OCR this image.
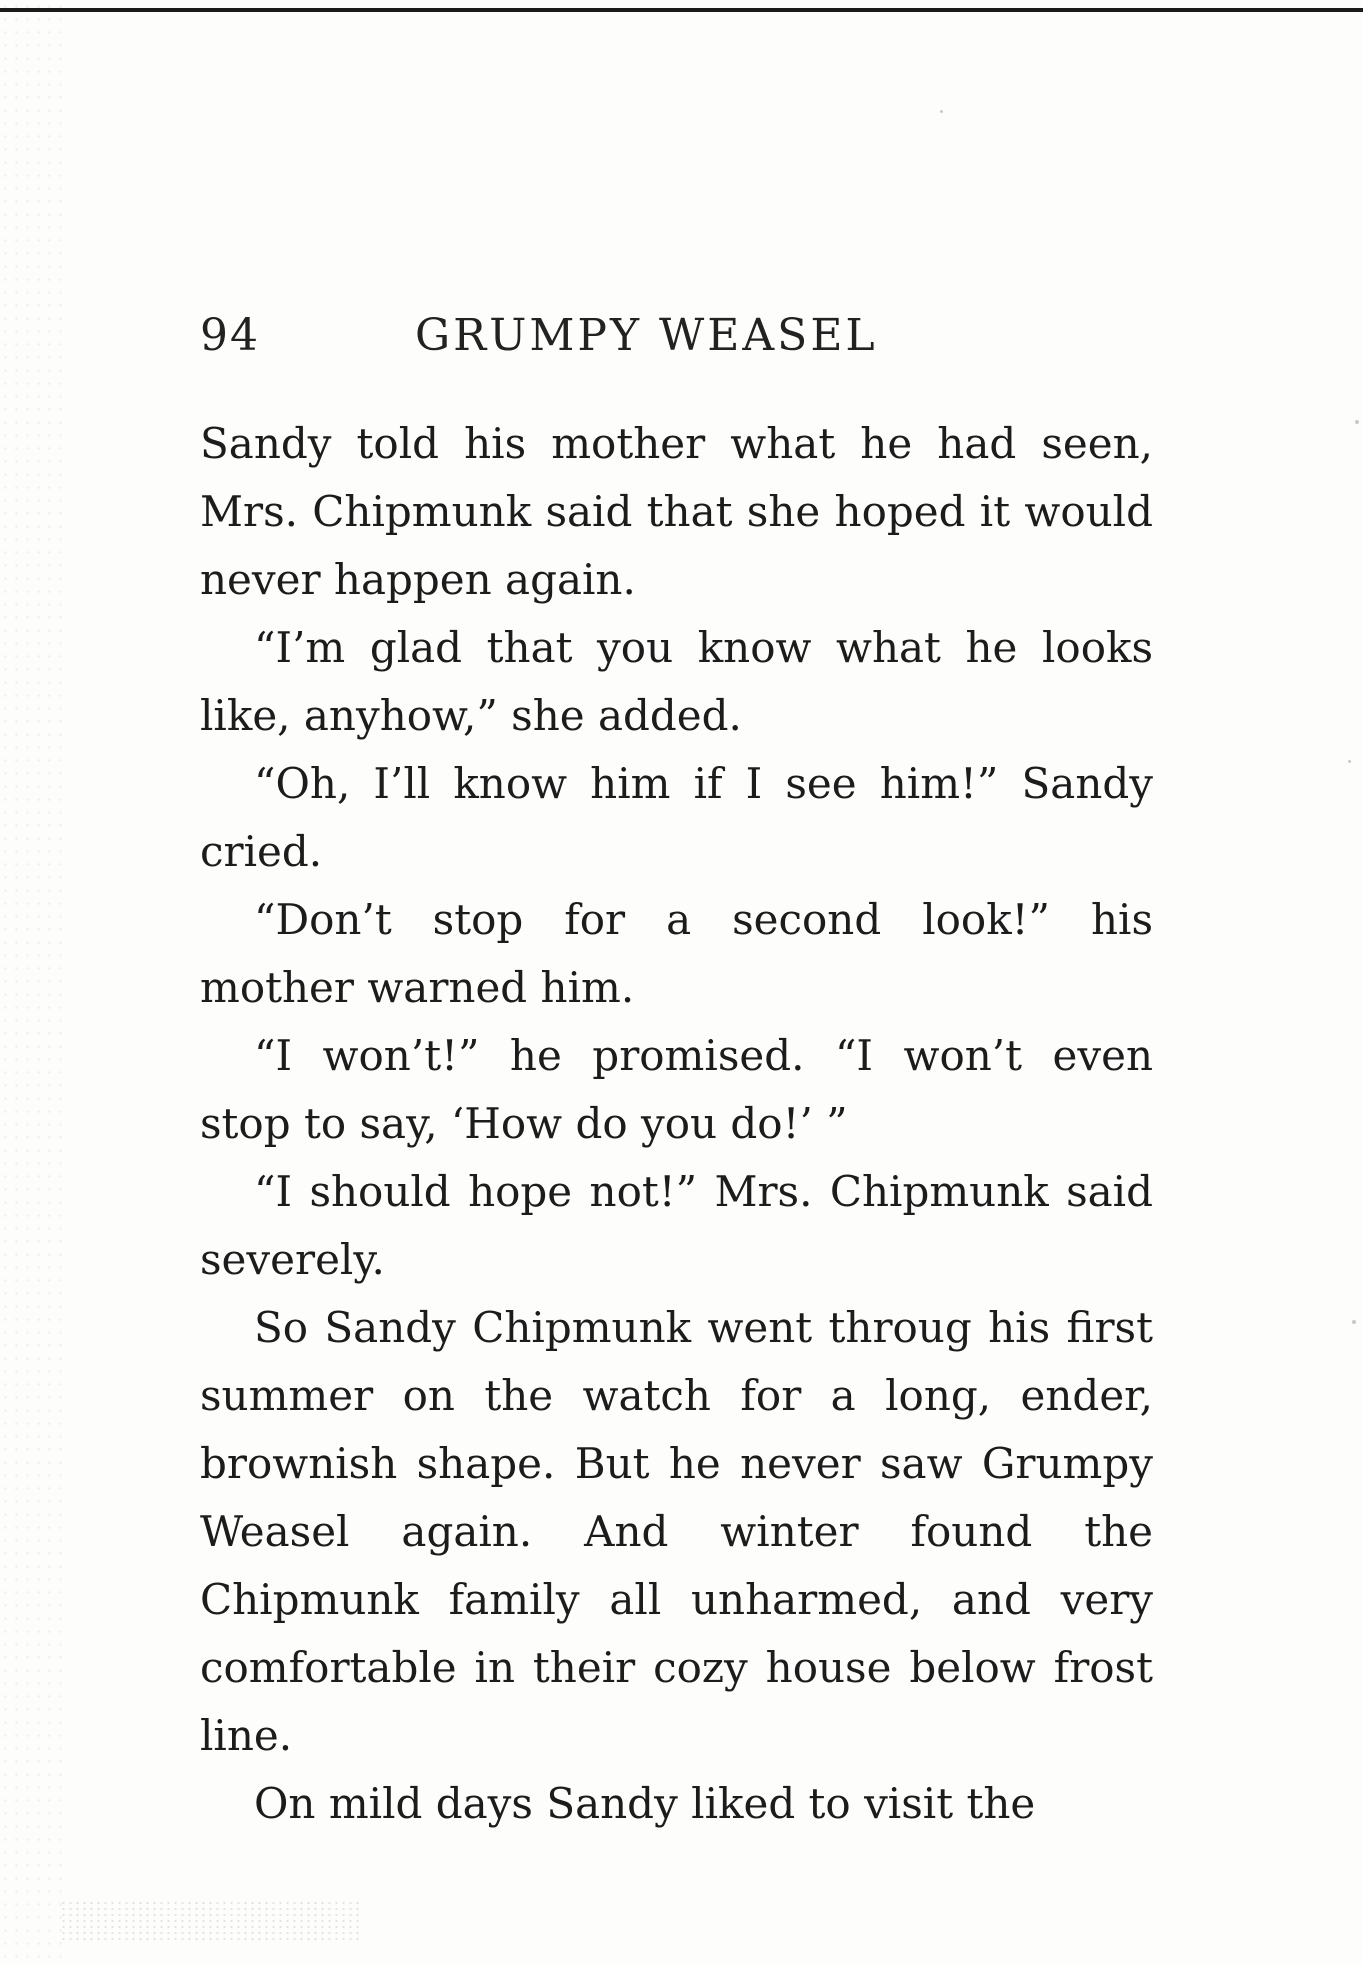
94	GRUMPY WEASEL

Sandy told his mother what he had seen, Mrs. Chipmunk said that she hoped it would never happen again.

“I’m glad that you know what he looks like, anyhow,” she added.

“Oh, I’ll know him if I see him!” Sandy cried.

“Don’t stop for a second look!” his mother warned him.

“I won’t!” he promised. “I won’t even stop to say, ‘How do you do!’ ”

“I should hope not!” Mrs. Chipmunk said severely.

So Sandy Chipmunk went throug his first summer on the watch for a long, ender, brownish shape. But he never saw Grumpy Weasel again. And winter found the Chipmunk family all unharmed, and very comfortable in their cozy house below frost line.

On mild days Sandy liked to visit the
